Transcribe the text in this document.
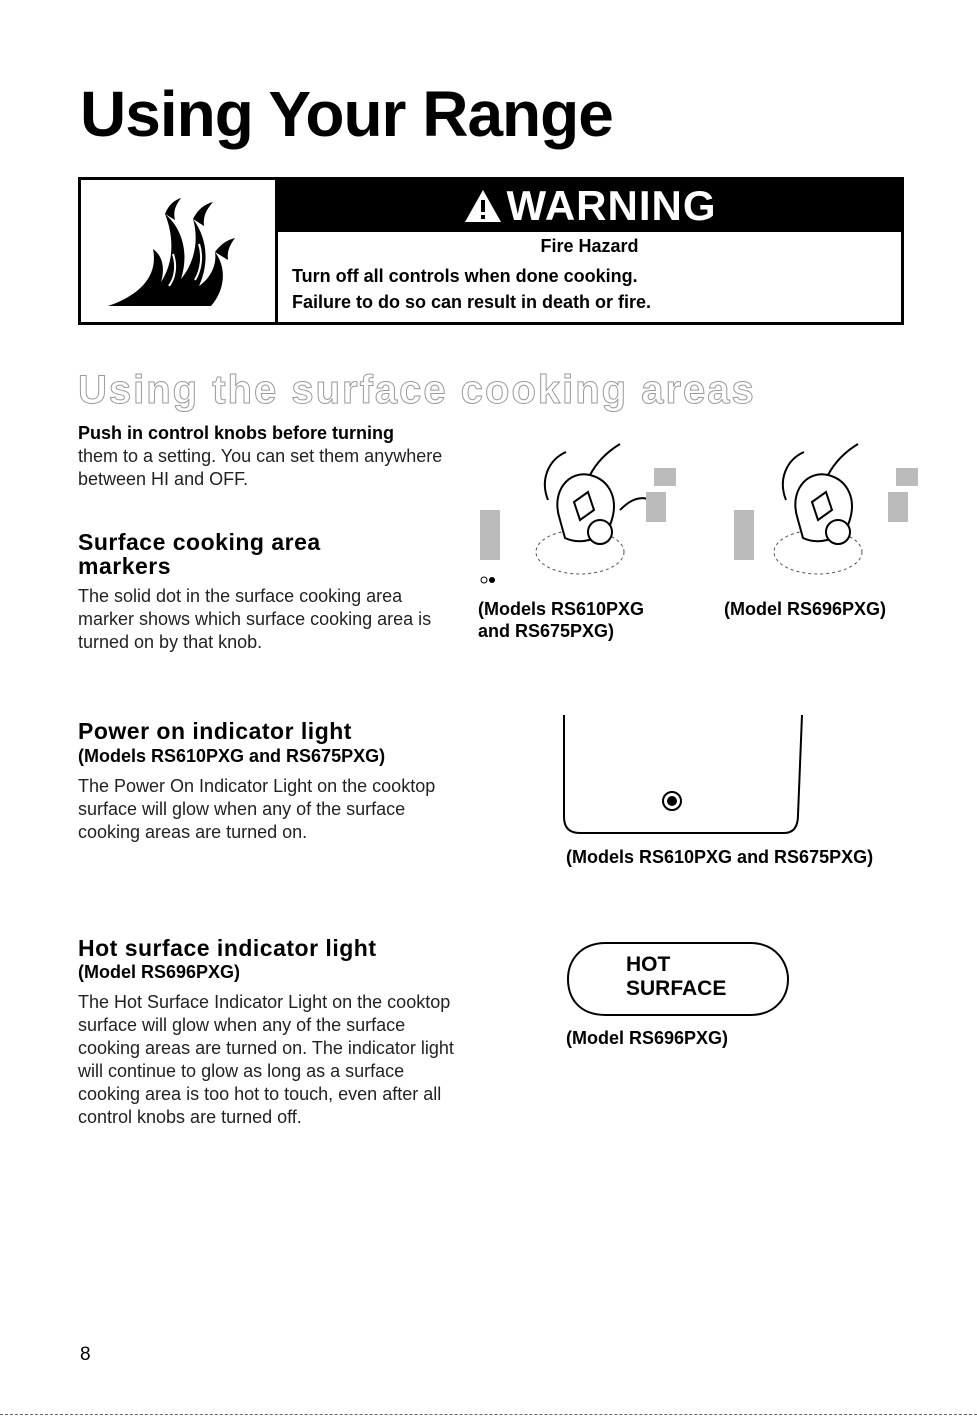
Using Your Range
WARNING
Fire Hazard
Turn off all controls when done cooking.
Failure to do so can result in death or fire.
Using the surface cooking areas
Push in control knobs before turning
them to a setting. You can set them anywhere between HI and OFF.
Surface cooking area markers

The solid dot in the surface cooking area marker shows which surface cooking area is turned on by that knob.

(Models RS610PXG and RS675PXG)

(Model RS696PXG)

Power on indicator light
(Models RS610PXG and RS675PXG)

The Power On Indicator Light on the cooktop surface will glow when any of the surface cooking areas are turned on.

(Models RS610PXG and RS675PXG)

Hot surface indicator light
(Model RS696PXG)

The Hot Surface Indicator Light on the cooktop surface will glow when any of the surface cooking areas are turned on. The indicator light will continue to glow as long as a surface cooking area is too hot to touch, even after all control knobs are turned off.

HOT
SURFACE

(Model RS696PXG)

8
